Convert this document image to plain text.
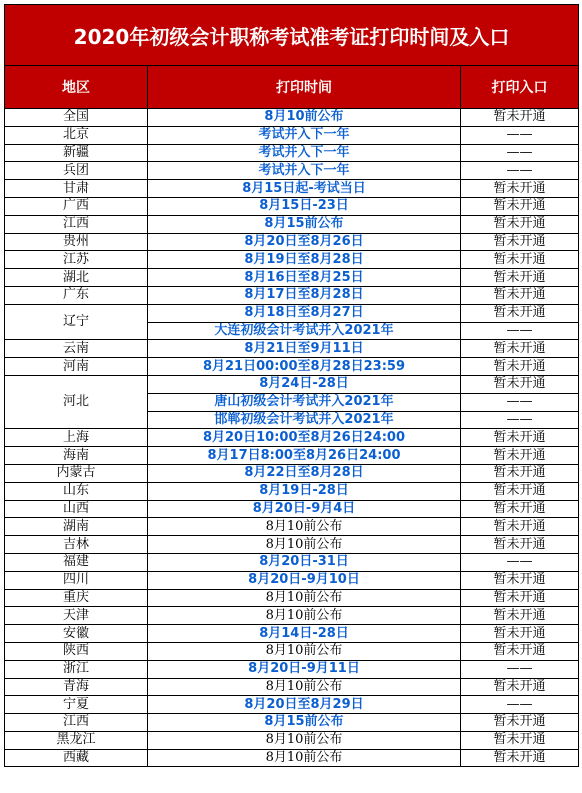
2020年初级会计职称考试准考证打印时间及入口		
地区	打印时间	打印入口
全国	8月10前公布	暂未开通
北京	考试并入下一年	——
新疆	考试并入下一年	——
兵团	考试并入下一年	——
甘肃	8月15日起-考试当日	暂未开通
广西	8月15日-23日	暂未开通
江西	8月15前公布	暂未开通
贵州	8月20日至8月26日	暂未开通
江苏	8月19日至8月28日	暂未开通
湖北	8月16日至8月25日	暂未开通
广东	8月17日至8月28日	暂未开通
辽宁	8月18日至8月27日	暂未开通
	大连初级会计考试并入2021年	——
云南	8月21日至9月11日	暂未开通
河南	8月21日00:00至8月28日23:59	暂未开通
河北	8月24日-28日	暂未开通
	唐山初级会计考试并入2021年	——
	邯郸初级会计考试并入2021年	——
上海	8月20日10:00至8月26日24:00	暂未开通
海南	8月17日8:00至8月26日24:00	暂未开通
内蒙古	8月22日至8月28日	暂未开通
山东	8月19日-28日	暂未开通
山西	8月20日-9月4日	暂未开通
湖南	8月10前公布	暂未开通
吉林	8月10前公布	暂未开通
福建	8月20日-31日	——
四川	8月20日-9月10日	暂未开通
重庆	8月10前公布	暂未开通
天津	8月10前公布	暂未开通
安徽	8月14日-28日	暂未开通
陕西	8月10前公布	暂未开通
浙江	8月20日-9月11日	——
青海	8月10前公布	暂未开通
宁夏	8月20日至8月29日	——
江西	8月15前公布	暂未开通
黑龙江	8月10前公布	暂未开通
西藏	8月10前公布	暂未开通
